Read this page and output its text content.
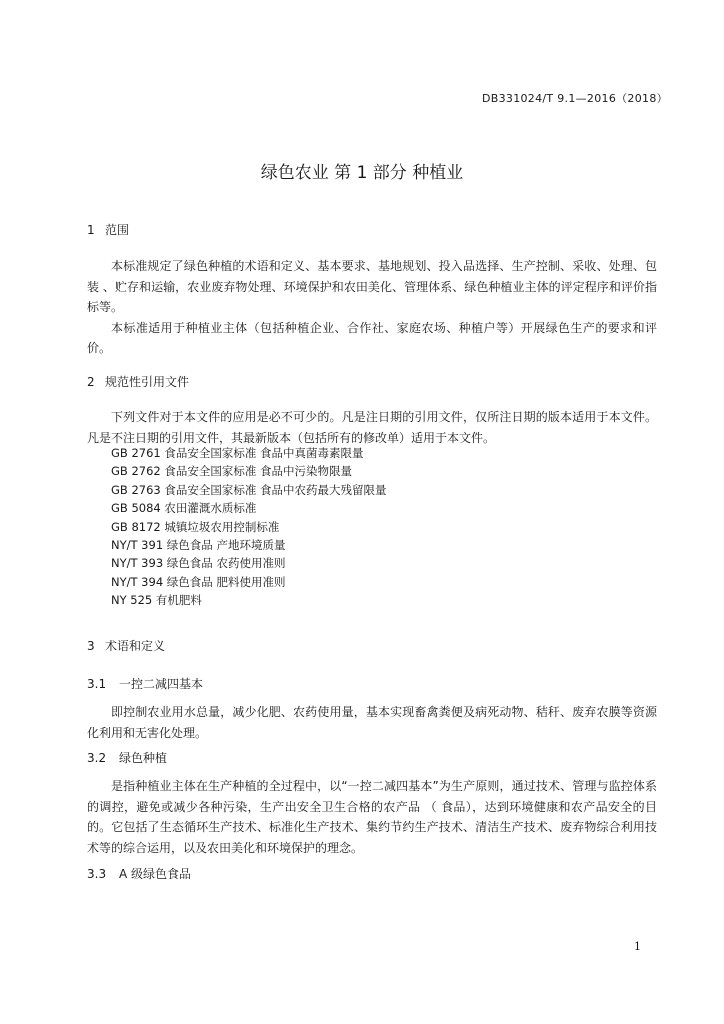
DB331024/T 9.1—2016（2018）
绿色农业 第 1 部分 种植业
1 范围

本标准规定了绿色种植的术语和定义、基本要求、基地规划、投入品选择、生产控制、采收、处理、包装 、贮存和运输，农业废弃物处理、环境保护和农田美化、管理体系、绿色种植业主体的评定程序和评价指标等。

本标准适用于种植业主体（包括种植企业、合作社、家庭农场、种植户等）开展绿色生产的要求和评价。

2 规范性引用文件

下列文件对于本文件的应用是必不可少的。凡是注日期的引用文件，仅所注日期的版本适用于本文件。凡是不注日期的引用文件，其最新版本（包括所有的修改单）适用于本文件。

GB 2761 食品安全国家标准 食品中真菌毒素限量
GB 2762 食品安全国家标准 食品中污染物限量
GB 2763 食品安全国家标准 食品中农药最大残留限量
GB 5084 农田灌溉水质标准
GB 8172 城镇垃圾农用控制标准
NY/T 391 绿色食品 产地环境质量
NY/T 393 绿色食品 农药使用准则
NY/T 394 绿色食品 肥料使用准则
NY 525 有机肥料
3 术语和定义
3.1 一控二减四基本

即控制农业用水总量，减少化肥、农药使用量，基本实现畜禽粪便及病死动物、秸秆、废弃农膜等资源化利用和无害化处理。

3.2 绿色种植

是指种植业主体在生产种植的全过程中，以“一控二减四基本”为生产原则，通过技术、管理与监控体系的调控，避免或减少各种污染，生产出安全卫生合格的农产品 （ 食品），达到环境健康和农产品安全的目的。它包括了生态循环生产技术、标准化生产技术、集约节约生产技术、清洁生产技术、废弃物综合利用技术等的综合运用，以及农田美化和环境保护的理念。

3.3 A 级绿色食品
1
